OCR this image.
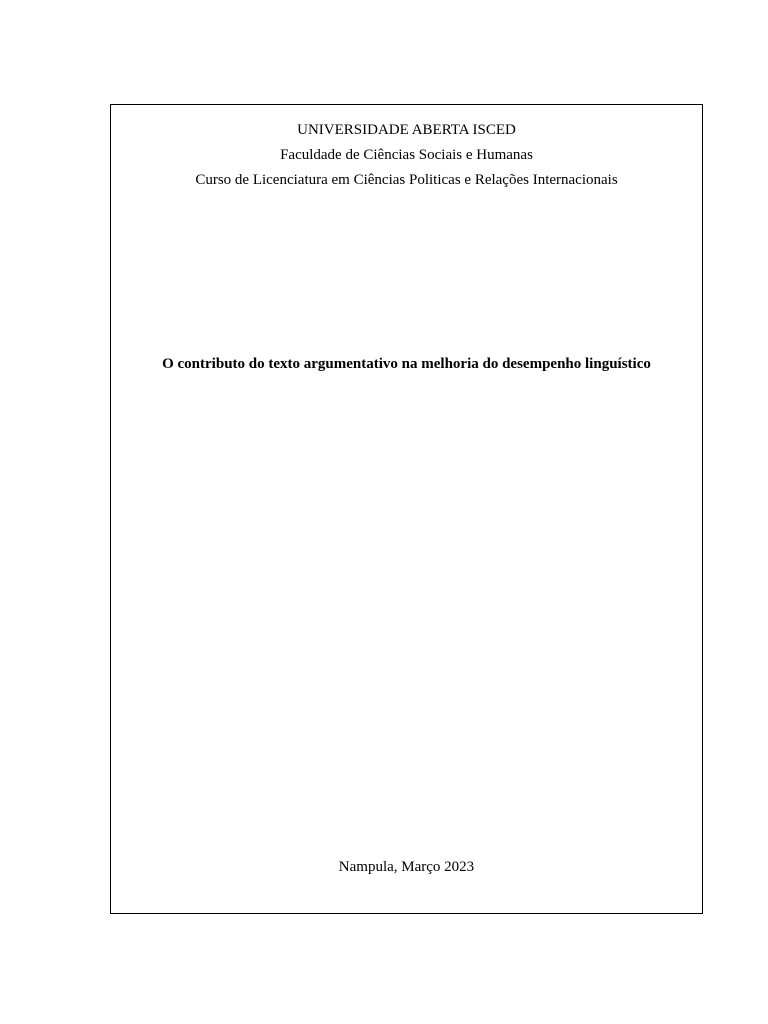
UNIVERSIDADE ABERTA ISCED
Faculdade de Ciências Sociais e Humanas
Curso de Licenciatura em Ciências Politicas e Relações Internacionais
O contributo do texto argumentativo na melhoria do desempenho linguístico
Nampula, Março 2023
